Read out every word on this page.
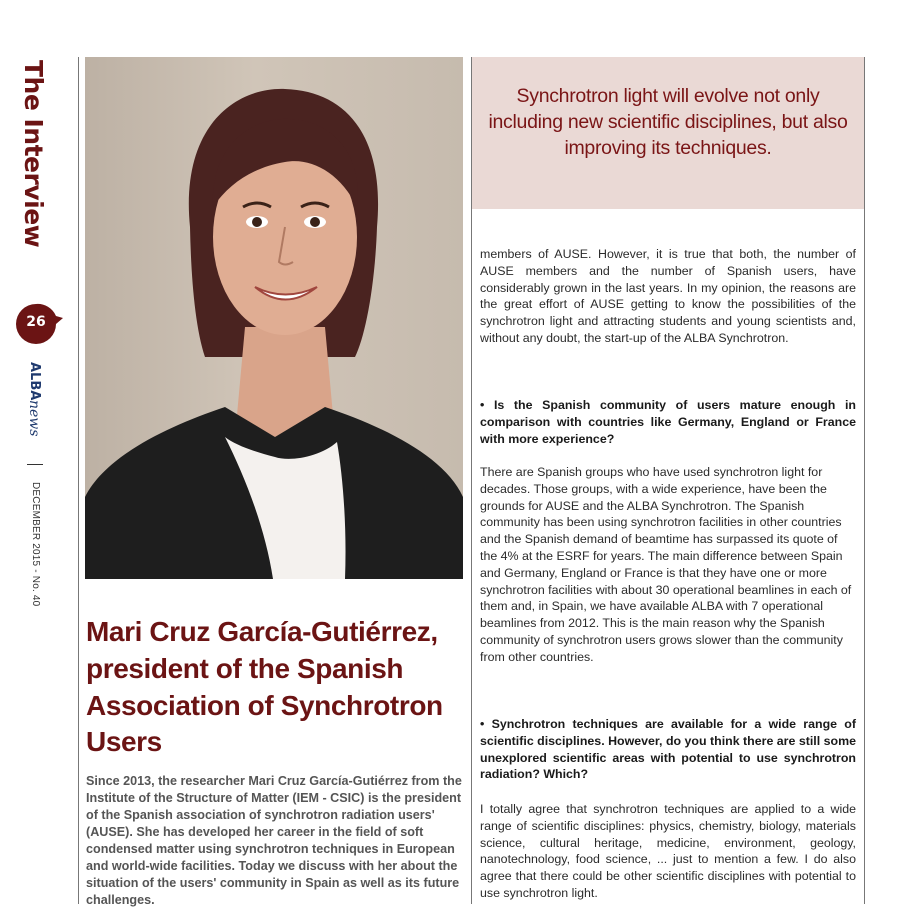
The Interview
26
ALBA
news
DECEMBER 2015 - No. 40
Synchrotron light will evolve not only including new scientific disciplines, but also improving its techniques.
Mari Cruz García-Gutiérrez, president of the Spanish Association of Synchrotron Users
Since 2013, the researcher Mari Cruz García-Gutiérrez from the Institute of the Structure of Matter (IEM - CSIC) is the president of the Spanish association of synchrotron radiation users' (AUSE). She has developed her career in the field of soft condensed matter using synchrotron techniques in European and world-wide facilities. Today we discuss with her about the situation of the users' community in Spain as well as its future challenges.
members of AUSE. However, it is true that both, the number of AUSE members and the number of Spanish users, have considerably grown in the last years. In my opinion, the reasons are the great effort of AUSE getting to know the possibilities of the synchrotron light and attracting students and young scientists and, without any doubt, the start-up of the ALBA Synchrotron.
• Is the Spanish community of users mature enough in comparison with countries like Germany, England or France with more experience?
There are Spanish groups who have used synchrotron light for decades. Those groups, with a wide experience, have been the grounds for AUSE and the ALBA Synchrotron. The Spanish community has been using synchrotron facilities in other countries and the Spanish demand of beamtime has surpassed its quote of the 4% at the ESRF for years. The main difference between Spain and Germany, England or France is that they have one or more synchrotron facilities with about 30 operational beamlines in each of them and, in Spain, we have available ALBA with 7 operational beamlines from 2012. This is the main reason why the Spanish community of synchrotron users grows slower than the community from other countries.
• Synchrotron techniques are available for a wide range of scientific disciplines. However, do you think there are still some unexplored scientific areas with potential to use synchrotron radiation? Which?
I totally agree that synchrotron techniques are applied to a wide range of scientific disciplines: physics, chemistry, biology, materials science, cultural heritage, medicine, environment, geology, nanotechnology, food science, ... just to mention a few. I do also agree that there could be other scientific disciplines with potential to use synchrotron light.
